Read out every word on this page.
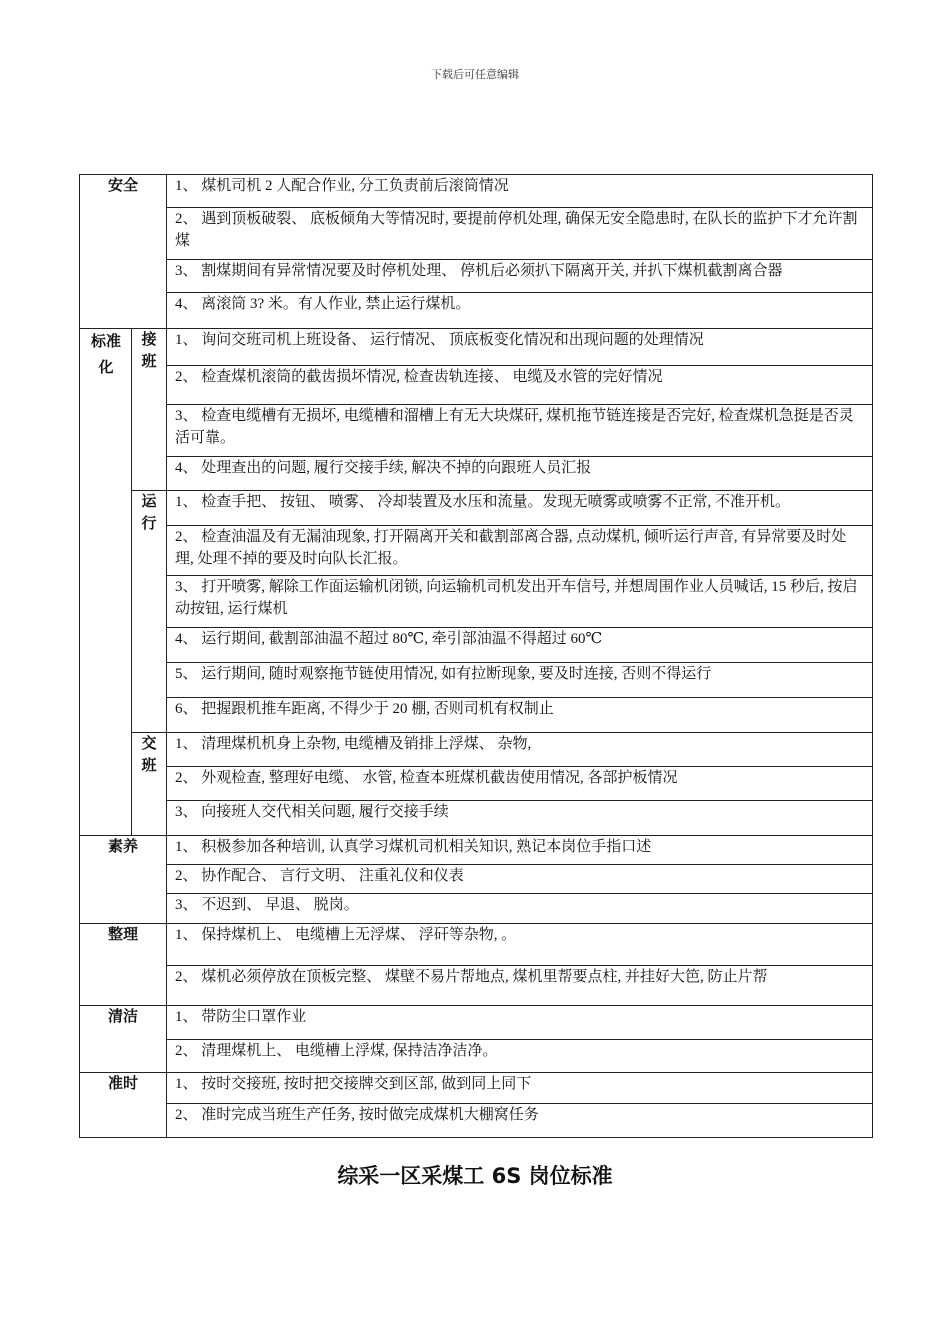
下载后可任意编辑
安全		1、 煤机司机 2 人配合作业, 分工负责前后滚筒情况
		2、 遇到顶板破裂、 底板倾角大等情况时, 要提前停机处理, 确保无安全隐患时, 在队长的监护下才允许割煤
		3、 割煤期间有异常情况要及时停机处理、 停机后必须扒下隔离开关, 并扒下煤机截割离合器
		4、 离滚筒 3? 米。有人作业, 禁止运行煤机。
标准化	接班	1、 询问交班司机上班设备、 运行情况、 顶底板变化情况和出现问题的处理情况
		2、 检查煤机滚筒的截齿损坏情况, 检查齿轨连接、 电缆及水管的完好情况
		3、 检查电缆槽有无损坏, 电缆槽和溜槽上有无大块煤矸, 煤机拖节链连接是否完好, 检查煤机急挺是否灵活可靠。
		4、 处理查出的问题, 履行交接手续, 解决不掉的向跟班人员汇报
	运行	1、 检查手把、 按钮、 喷雾、 冷却装置及水压和流量。发现无喷雾或喷雾不正常, 不准开机。
		2、 检查油温及有无漏油现象, 打开隔离开关和截割部离合器, 点动煤机, 倾听运行声音, 有异常要及时处理, 处理不掉的要及时向队长汇报。
		3、 打开喷雾, 解除工作面运输机闭锁, 向运输机司机发出开车信号, 并想周围作业人员喊话, 15 秒后, 按启动按钮, 运行煤机
		4、 运行期间, 截割部油温不超过 80℃, 牵引部油温不得超过 60℃
		5、 运行期间, 随时观察拖节链使用情况, 如有拉断现象, 要及时连接, 否则不得运行
		6、 把握跟机推车距离, 不得少于 20 棚, 否则司机有权制止
	交班	1、 清理煤机机身上杂物, 电缆槽及销排上浮煤、 杂物,
		2、 外观检查, 整理好电缆、 水管, 检查本班煤机截齿使用情况, 各部护板情况
		3、 向接班人交代相关问题, 履行交接手续
素养		1、 积极参加各种培训, 认真学习煤机司机相关知识, 熟记本岗位手指口述
		2、 协作配合、 言行文明、 注重礼仪和仪表
		3、 不迟到、 早退、 脱岗。
整理		1、 保持煤机上、 电缆槽上无浮煤、 浮矸等杂物, 。
		2、 煤机必须停放在顶板完整、 煤壁不易片帮地点, 煤机里帮要点柱, 并挂好大笆, 防止片帮
清洁		1、 带防尘口罩作业
		2、 清理煤机上、 电缆槽上浮煤, 保持洁净洁净。
准时		1、 按时交接班, 按时把交接牌交到区部, 做到同上同下
		2、 准时完成当班生产任务, 按时做完成煤机大棚窝任务
综采一区采煤工 6S 岗位标准
